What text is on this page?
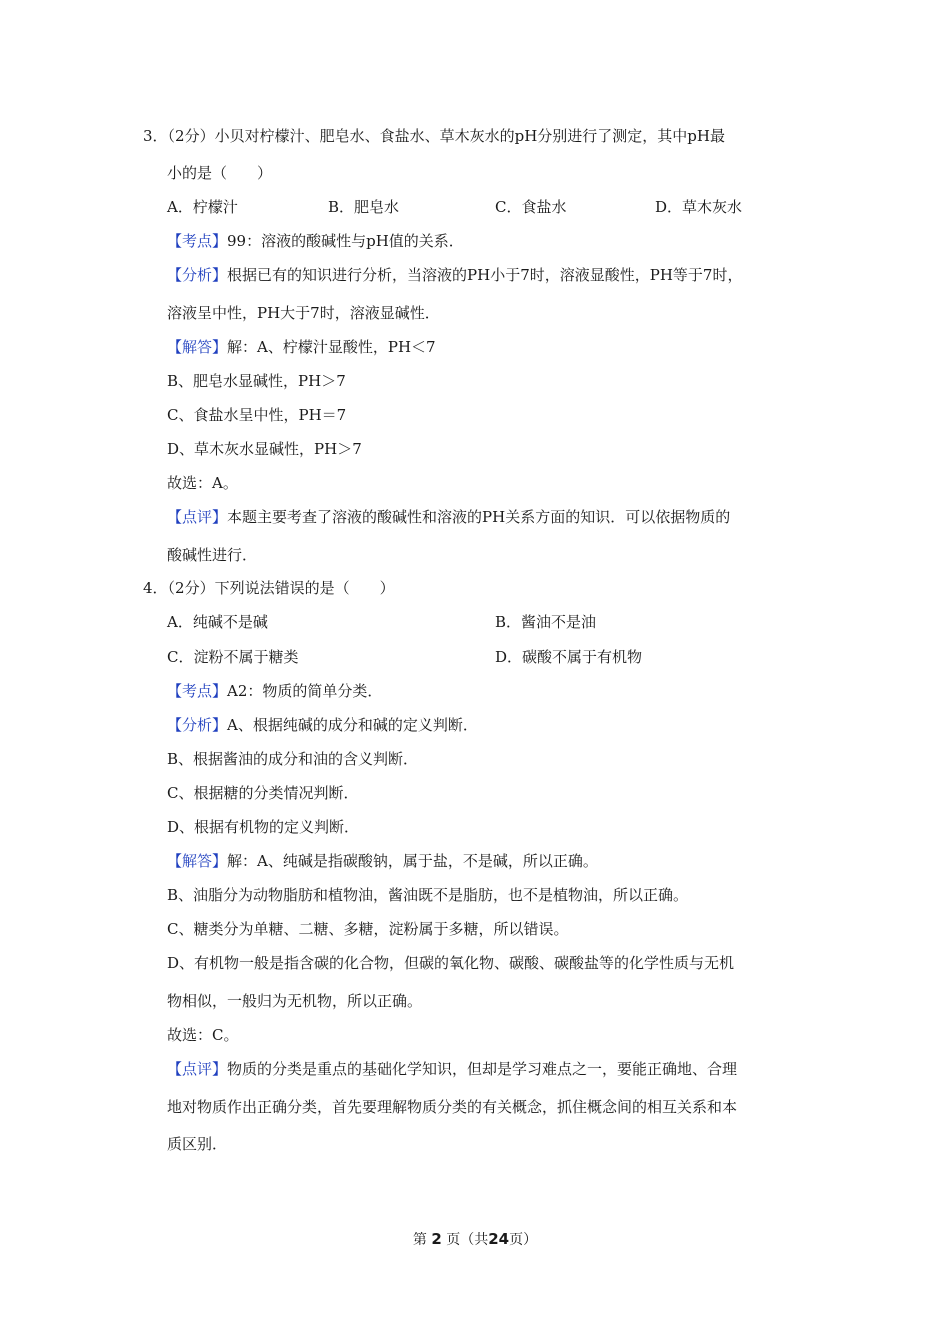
3．（2分）小贝对柠檬汁、肥皂水、食盐水、草木灰水的pH分别进行了测定，其中pH最
小的是（　　）
A．柠檬汁	B．肥皂水	C．食盐水	D．草木灰水
【考点】99：溶液的酸碱性与pH值的关系．
【分析】根据已有的知识进行分析，当溶液的PH小于7时，溶液显酸性，PH等于7时，
溶液呈中性，PH大于7时，溶液显碱性．
【解答】解：A、柠檬汁显酸性，PH＜7
B、肥皂水显碱性，PH＞7
C、食盐水呈中性，PH＝7
D、草木灰水显碱性，PH＞7
故选：A。
【点评】本题主要考查了溶液的酸碱性和溶液的PH关系方面的知识．可以依据物质的
酸碱性进行．
4．（2分）下列说法错误的是（　　）
A．纯碱不是碱	B．酱油不是油
C．淀粉不属于糖类	D．碳酸不属于有机物
【考点】A2：物质的简单分类．
【分析】A、根据纯碱的成分和碱的定义判断．
B、根据酱油的成分和油的含义判断．
C、根据糖的分类情况判断．
D、根据有机物的定义判断．
【解答】解：A、纯碱是指碳酸钠，属于盐，不是碱，所以正确。
B、油脂分为动物脂肪和植物油，酱油既不是脂肪，也不是植物油，所以正确。
C、糖类分为单糖、二糖、多糖，淀粉属于多糖，所以错误。
D、有机物一般是指含碳的化合物，但碳的氧化物、碳酸、碳酸盐等的化学性质与无机
物相似，一般归为无机物，所以正确。
故选：C。
【点评】物质的分类是重点的基础化学知识，但却是学习难点之一，要能正确地、合理
地对物质作出正确分类，首先要理解物质分类的有关概念，抓住概念间的相互关系和本
质区别．
第 2 页（共24页）
